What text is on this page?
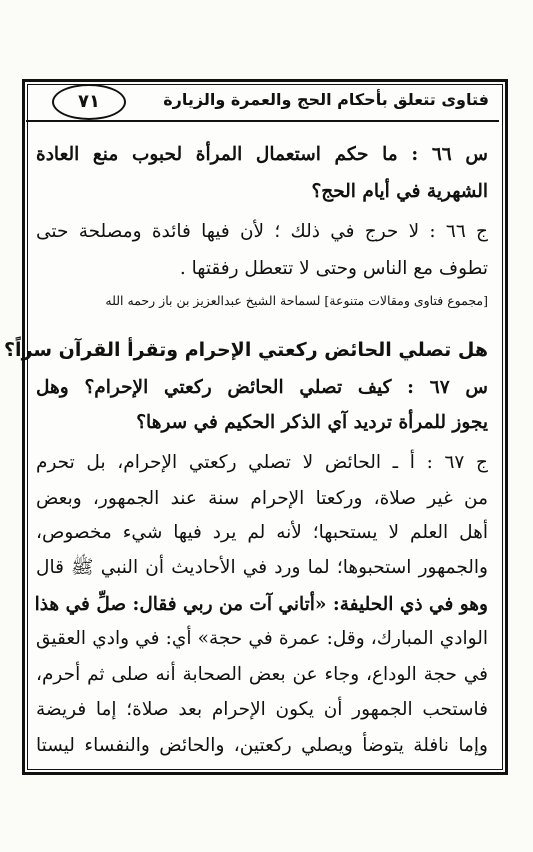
فتاوى تتعلق بأحكام الحج والعمرة والزيارة
٧١
س ٦٦ : ما حكم استعمال المرأة لحبوب منع العادة
الشهرية في أيام الحج؟
ج ٦٦ : لا حرج في ذلك ؛ لأن فيها فائدة ومصلحة حتى
تطوف مع الناس وحتى لا تتعطل رفقتها .
[مجموع فتاوى ومقالات متنوعة] لسماحة الشيخ عبدالعزيز بن باز رحمه الله
هل تصلي الحائض ركعتي الإحرام وتقرأ القرآن سراً؟
س ٦٧ : كيف تصلي الحائض ركعتي الإحرام؟ وهل
يجوز للمرأة ترديد آي الذكر الحكيم في سرها؟
ج ٦٧ : أ ـ الحائض لا تصلي ركعتي الإحرام، بل تحرم
من غير صلاة، وركعتا الإحرام سنة عند الجمهور، وبعض
أهل العلم لا يستحبها؛ لأنه لم يرد فيها شيء مخصوص،
والجمهور استحبوها؛ لما ورد في الأحاديث أن النبي ﷺ قال
وهو في ذي الحليفة: «أتاني آت من ربي فقال: صلِّ في هذا
الوادي المبارك، وقل: عمرة في حجة» أي: في وادي العقيق
في حجة الوداع، وجاء عن بعض الصحابة أنه صلى ثم أحرم،
فاستحب الجمهور أن يكون الإحرام بعد صلاة؛ إما فريضة
وإما نافلة يتوضأ ويصلي ركعتين، والحائض والنفساء ليستا
